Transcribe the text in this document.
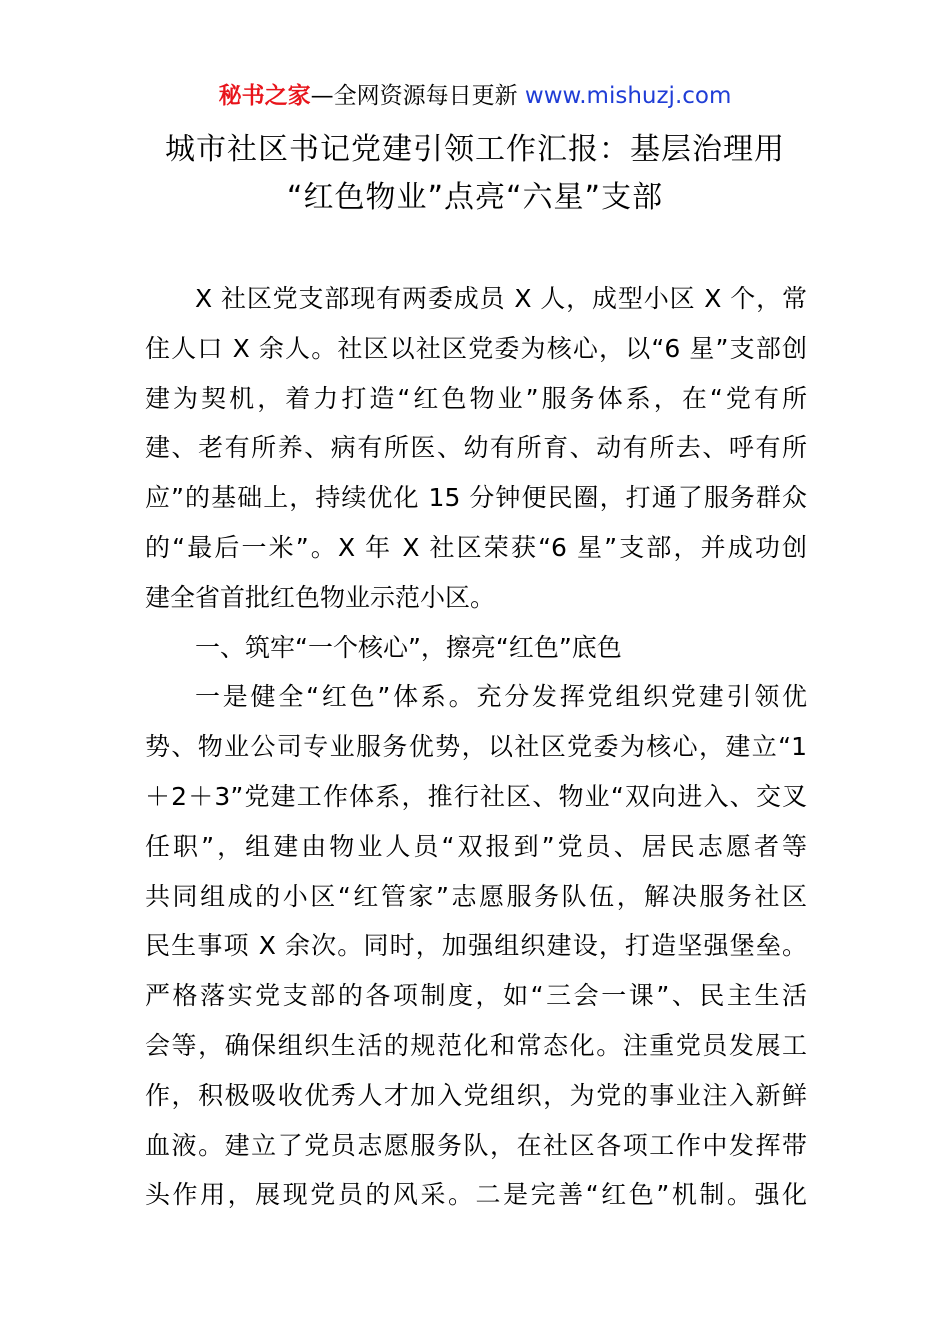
秘书之家—全网资源每日更新 www.mishuzj.com
城市社区书记党建引领工作汇报：基层治理用
“红色物业”点亮“六星”支部
X 社区党支部现有两委成员 X 人，成型小区 X 个，常
住人口 X 余人。社区以社区党委为核心，以“6 星”支部创
建为契机，着力打造“红色物业”服务体系，在“党有所
建、老有所养、病有所医、幼有所育、动有所去、呼有所
应”的基础上，持续优化 15 分钟便民圈，打通了服务群众
的“最后一米”。X 年 X 社区荣获“6 星”支部，并成功创
建全省首批红色物业示范小区。
一、筑牢“一个核心”，擦亮“红色”底色
一是健全“红色”体系。充分发挥党组织党建引领优
势、物业公司专业服务优势，以社区党委为核心，建立“1
＋2＋3”党建工作体系，推行社区、物业“双向进入、交叉
任职”，组建由物业人员“双报到”党员、居民志愿者等
共同组成的小区“红管家”志愿服务队伍，解决服务社区
民生事项 X 余次。同时，加强组织建设，打造坚强堡垒。
严格落实党支部的各项制度，如“三会一课”、民主生活
会等，确保组织生活的规范化和常态化。注重党员发展工
作，积极吸收优秀人才加入党组织，为党的事业注入新鲜
血液。建立了党员志愿服务队，在社区各项工作中发挥带
头作用，展现党员的风采。二是完善“红色”机制。强化
